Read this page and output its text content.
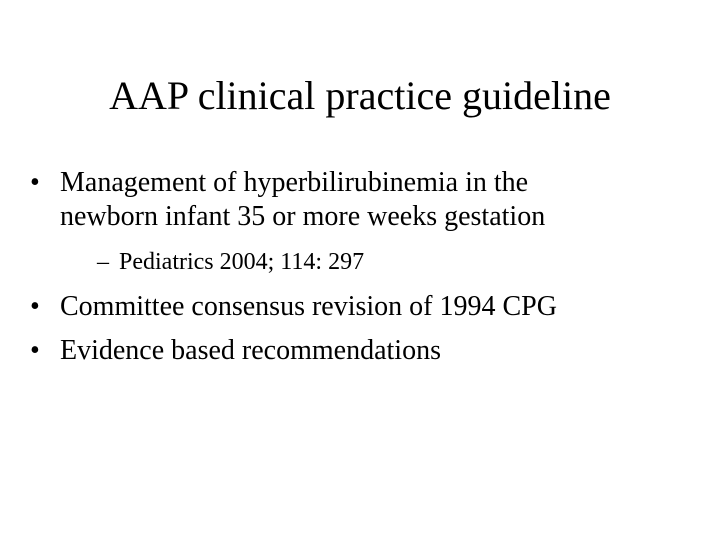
AAP clinical practice guideline
• Management of hyperbilirubinemia in the
newborn infant 35 or more weeks gestation
– Pediatrics 2004; 114: 297
• Committee consensus revision of 1994 CPG
• Evidence based recommendations
